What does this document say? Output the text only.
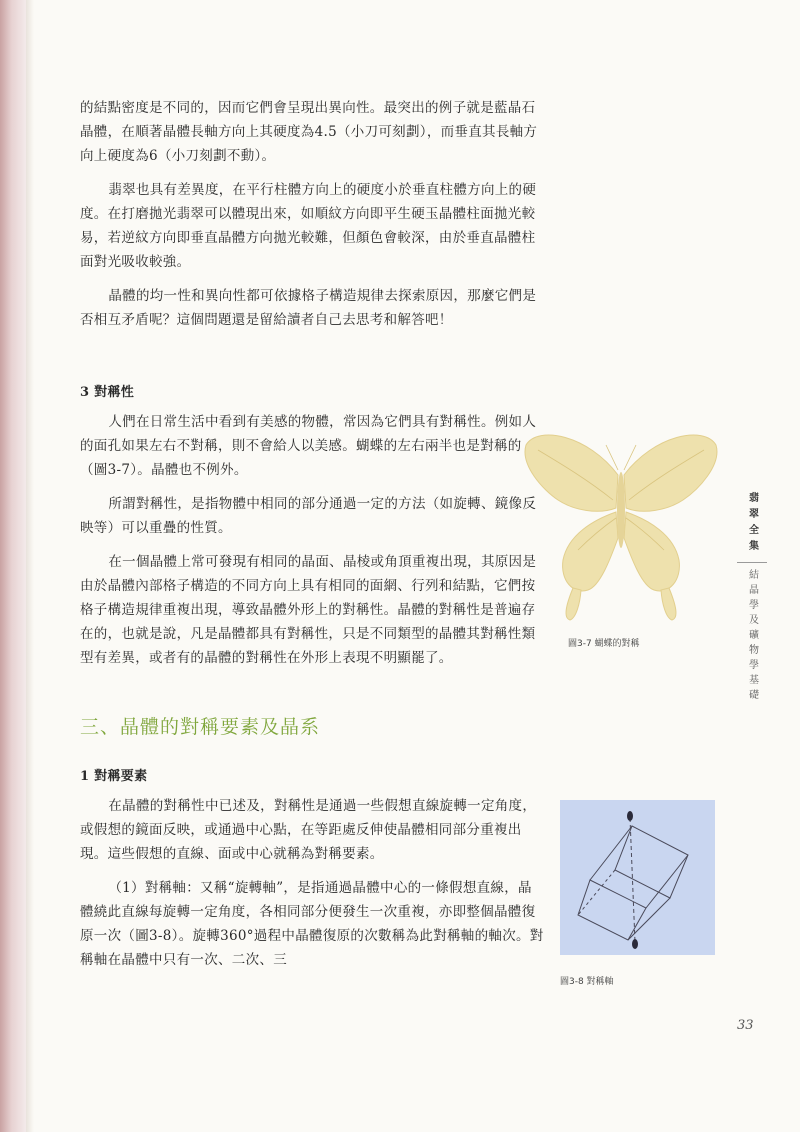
的結點密度是不同的，因而它們會呈現出異向性。最突出的例子就是藍晶石晶體，在順著晶體長軸方向上其硬度為4.5（小刀可刻劃），而垂直其長軸方向上硬度為6（小刀刻劃不動）。

翡翠也具有差異度，在平行柱體方向上的硬度小於垂直柱體方向上的硬度。在打磨拋光翡翠可以體現出來，如順紋方向即平生硬玉晶體柱面拋光較易，若逆紋方向即垂直晶體方向拋光較難，但顏色會較深，由於垂直晶體柱面對光吸收較強。

晶體的均一性和異向性都可依據格子構造規律去探索原因，那麼它們是否相互矛盾呢？這個問題還是留給讀者自己去思考和解答吧！

3 對稱性

人們在日常生活中看到有美感的物體，常因為它們具有對稱性。例如人的面孔如果左右不對稱，則不會給人以美感。蝴蝶的左右兩半也是對稱的（圖3-7）。晶體也不例外。

所謂對稱性，是指物體中相同的部分通過一定的方法（如旋轉、鏡像反映等）可以重疊的性質。

在一個晶體上常可發現有相同的晶面、晶棱或角頂重複出現，其原因是由於晶體內部格子構造的不同方向上具有相同的面網、行列和結點，它們按格子構造規律重複出現，導致晶體外形上的對稱性。晶體的對稱性是普遍存在的，也就是說，凡是晶體都具有對稱性，只是不同類型的晶體其對稱性類型有差異，或者有的晶體的對稱性在外形上表現不明顯罷了。

三、晶體的對稱要素及晶系
1 對稱要素

在晶體的對稱性中已述及，對稱性是通過一些假想直線旋轉一定角度，或假想的鏡面反映，或通過中心點，在等距處反伸使晶體相同部分重複出現。這些假想的直線、面或中心就稱為對稱要素。

（1）對稱軸：又稱“旋轉軸”，是指通過晶體中心的一條假想直線，晶體繞此直線每旋轉一定角度，各相同部分便發生一次重複，亦即整個晶體復原一次（圖3-8）。旋轉360°過程中晶體復原的次數稱為此對稱軸的軸次。對稱軸在晶體中只有一次、二次、三

圖3-7 蝴蝶的對稱
圖3-8 對稱軸
翡翠全集
結晶學及礦物學基礎
33
